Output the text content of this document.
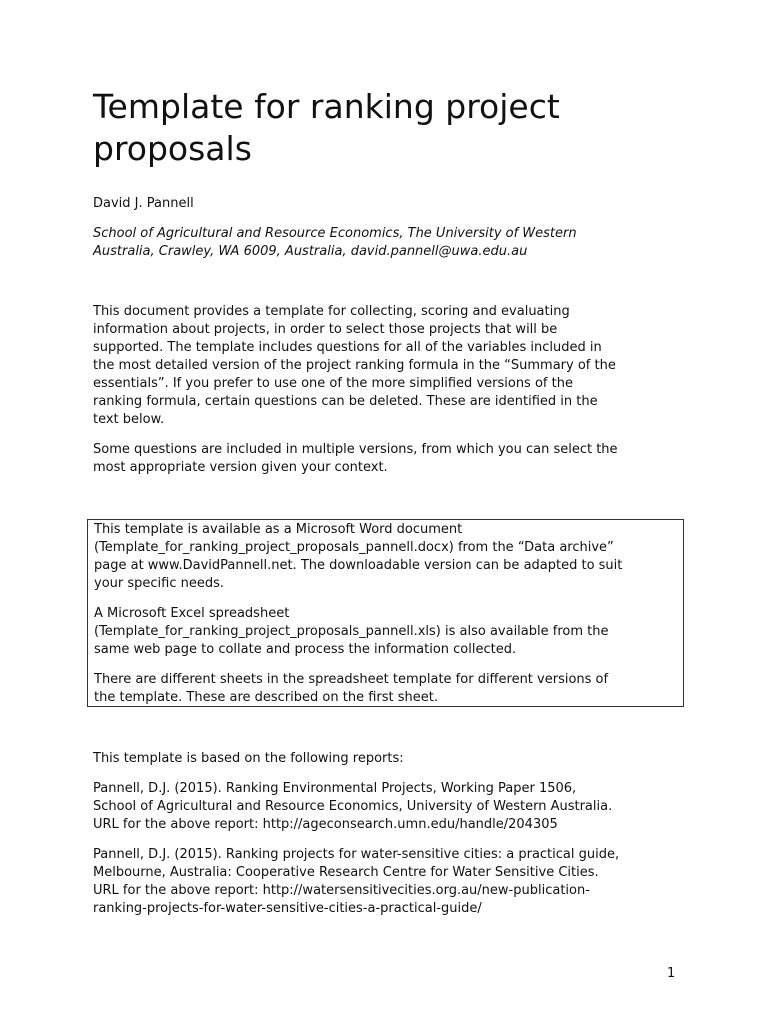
Template for ranking project
proposals

David J. Pannell

School of Agricultural and Resource Economics, The University of Western
Australia, Crawley, WA 6009, Australia, david.pannell@uwa.edu.au

This document provides a template for collecting, scoring and evaluating
information about projects, in order to select those projects that will be
supported. The template includes questions for all of the variables included in
the most detailed version of the project ranking formula in the “Summary of the
essentials”. If you prefer to use one of the more simplified versions of the
ranking formula, certain questions can be deleted. These are identified in the
text below.

Some questions are included in multiple versions, from which you can select the
most appropriate version given your context.

This template is available as a Microsoft Word document
(Template_for_ranking_project_proposals_pannell.docx) from the “Data archive”
page at www.DavidPannell.net. The downloadable version can be adapted to suit
your specific needs.

A Microsoft Excel spreadsheet
(Template_for_ranking_project_proposals_pannell.xls) is also available from the
same web page to collate and process the information collected.

There are different sheets in the spreadsheet template for different versions of
the template. These are described on the first sheet.

This template is based on the following reports:

Pannell, D.J. (2015). Ranking Environmental Projects, Working Paper 1506,
School of Agricultural and Resource Economics, University of Western Australia.
URL for the above report: http://ageconsearch.umn.edu/handle/204305

Pannell, D.J. (2015). Ranking projects for water-sensitive cities: a practical guide,
Melbourne, Australia: Cooperative Research Centre for Water Sensitive Cities.
URL for the above report: http://watersensitivecities.org.au/new-publication-
ranking-projects-for-water-sensitive-cities-a-practical-guide/

1
